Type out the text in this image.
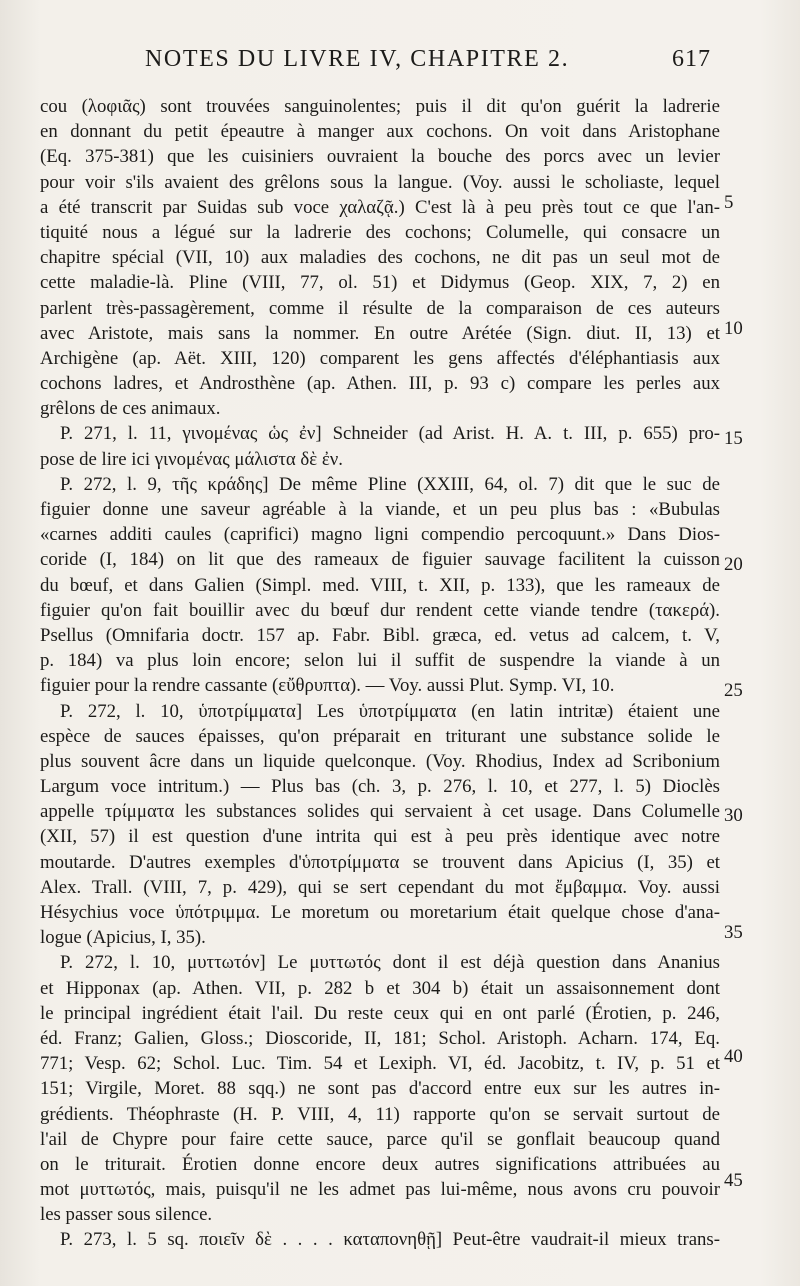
NOTES DU LIVRE IV, CHAPITRE 2.	617
cou (λοφιᾶς) sont trouvées sanguinolentes; puis il dit qu'on guérit la ladrerie
en donnant du petit épeautre à manger aux cochons. On voit dans Aristophane
(Eq. 375-381) que les cuisiniers ouvraient la bouche des porcs avec un levier
pour voir s'ils avaient des grêlons sous la langue. (Voy. aussi le scholiaste, lequel
a été transcrit par Suidas sub voce χαλαζᾷ.) C'est là à peu près tout ce que l'an-
tiquité nous a légué sur la ladrerie des cochons; Columelle, qui consacre un
chapitre spécial (VII, 10) aux maladies des cochons, ne dit pas un seul mot de
cette maladie-là. Pline (VIII, 77, ol. 51) et Didymus (Geop. XIX, 7, 2) en
parlent très-passagèrement, comme il résulte de la comparaison de ces auteurs
avec Aristote, mais sans la nommer. En outre Arétée (Sign. diut. II, 13) et
Archigène (ap. Aët. XIII, 120) comparent les gens affectés d'éléphantiasis aux
cochons ladres, et Androsthène (ap. Athen. III, p. 93 c) compare les perles aux
grêlons de ces animaux.
P. 271, l. 11, γινομένας ὡς ἐν] Schneider (ad Arist. H. A. t. III, p. 655) pro-
pose de lire ici γινομένας μάλιστα δὲ ἐν.
P. 272, l. 9, τῆς κράδης] De même Pline (XXIII, 64, ol. 7) dit que le suc de
figuier donne une saveur agréable à la viande, et un peu plus bas : «Bubulas
«carnes additi caules (caprifici) magno ligni compendio percoquunt.» Dans Dios-
coride (I, 184) on lit que des rameaux de figuier sauvage facilitent la cuisson
du bœuf, et dans Galien (Simpl. med. VIII, t. XII, p. 133), que les rameaux de
figuier qu'on fait bouillir avec du bœuf dur rendent cette viande tendre (τακερά).
Psellus (Omnifaria doctr. 157 ap. Fabr. Bibl. græca, ed. vetus ad calcem, t. V,
p. 184) va plus loin encore; selon lui il suffit de suspendre la viande à un
figuier pour la rendre cassante (εὔθρυπτα). — Voy. aussi Plut. Symp. VI, 10.
P. 272, l. 10, ὑποτρίμματα] Les ὑποτρίμματα (en latin intritæ) étaient une
espèce de sauces épaisses, qu'on préparait en triturant une substance solide le
plus souvent âcre dans un liquide quelconque. (Voy. Rhodius, Index ad Scribonium
Largum voce intritum.) — Plus bas (ch. 3, p. 276, l. 10, et 277, l. 5) Dioclès
appelle τρίμματα les substances solides qui servaient à cet usage. Dans Columelle
(XII, 57) il est question d'une intrita qui est à peu près identique avec notre
moutarde. D'autres exemples d'ὑποτρίμματα se trouvent dans Apicius (I, 35) et
Alex. Trall. (VIII, 7, p. 429), qui se sert cependant du mot ἔμβαμμα. Voy. aussi
Hésychius voce ὑπότριμμα. Le moretum ou moretarium était quelque chose d'ana-
logue (Apicius, I, 35).
P. 272, l. 10, μυττωτόν] Le μυττωτός dont il est déjà question dans Ananius
et Hipponax (ap. Athen. VII, p. 282 b et 304 b) était un assaisonnement dont
le principal ingrédient était l'ail. Du reste ceux qui en ont parlé (Érotien, p. 246,
éd. Franz; Galien, Gloss.; Dioscoride, II, 181; Schol. Aristoph. Acharn. 174, Eq.
771; Vesp. 62; Schol. Luc. Tim. 54 et Lexiph. VI, éd. Jacobitz, t. IV, p. 51 et
151; Virgile, Moret. 88 sqq.) ne sont pas d'accord entre eux sur les autres in-
grédients. Théophraste (H. P. VIII, 4, 11) rapporte qu'on se servait surtout de
l'ail de Chypre pour faire cette sauce, parce qu'il se gonflait beaucoup quand
on le triturait. Érotien donne encore deux autres significations attribuées au
mot μυττωτός, mais, puisqu'il ne les admet pas lui-même, nous avons cru pouvoir
les passer sous silence.
P. 273, l. 5 sq. ποιεῖν δὲ . . . . καταπονηθῇ] Peut-être vaudrait-il mieux trans-
5
10
15
20
25
30
35
40
45
